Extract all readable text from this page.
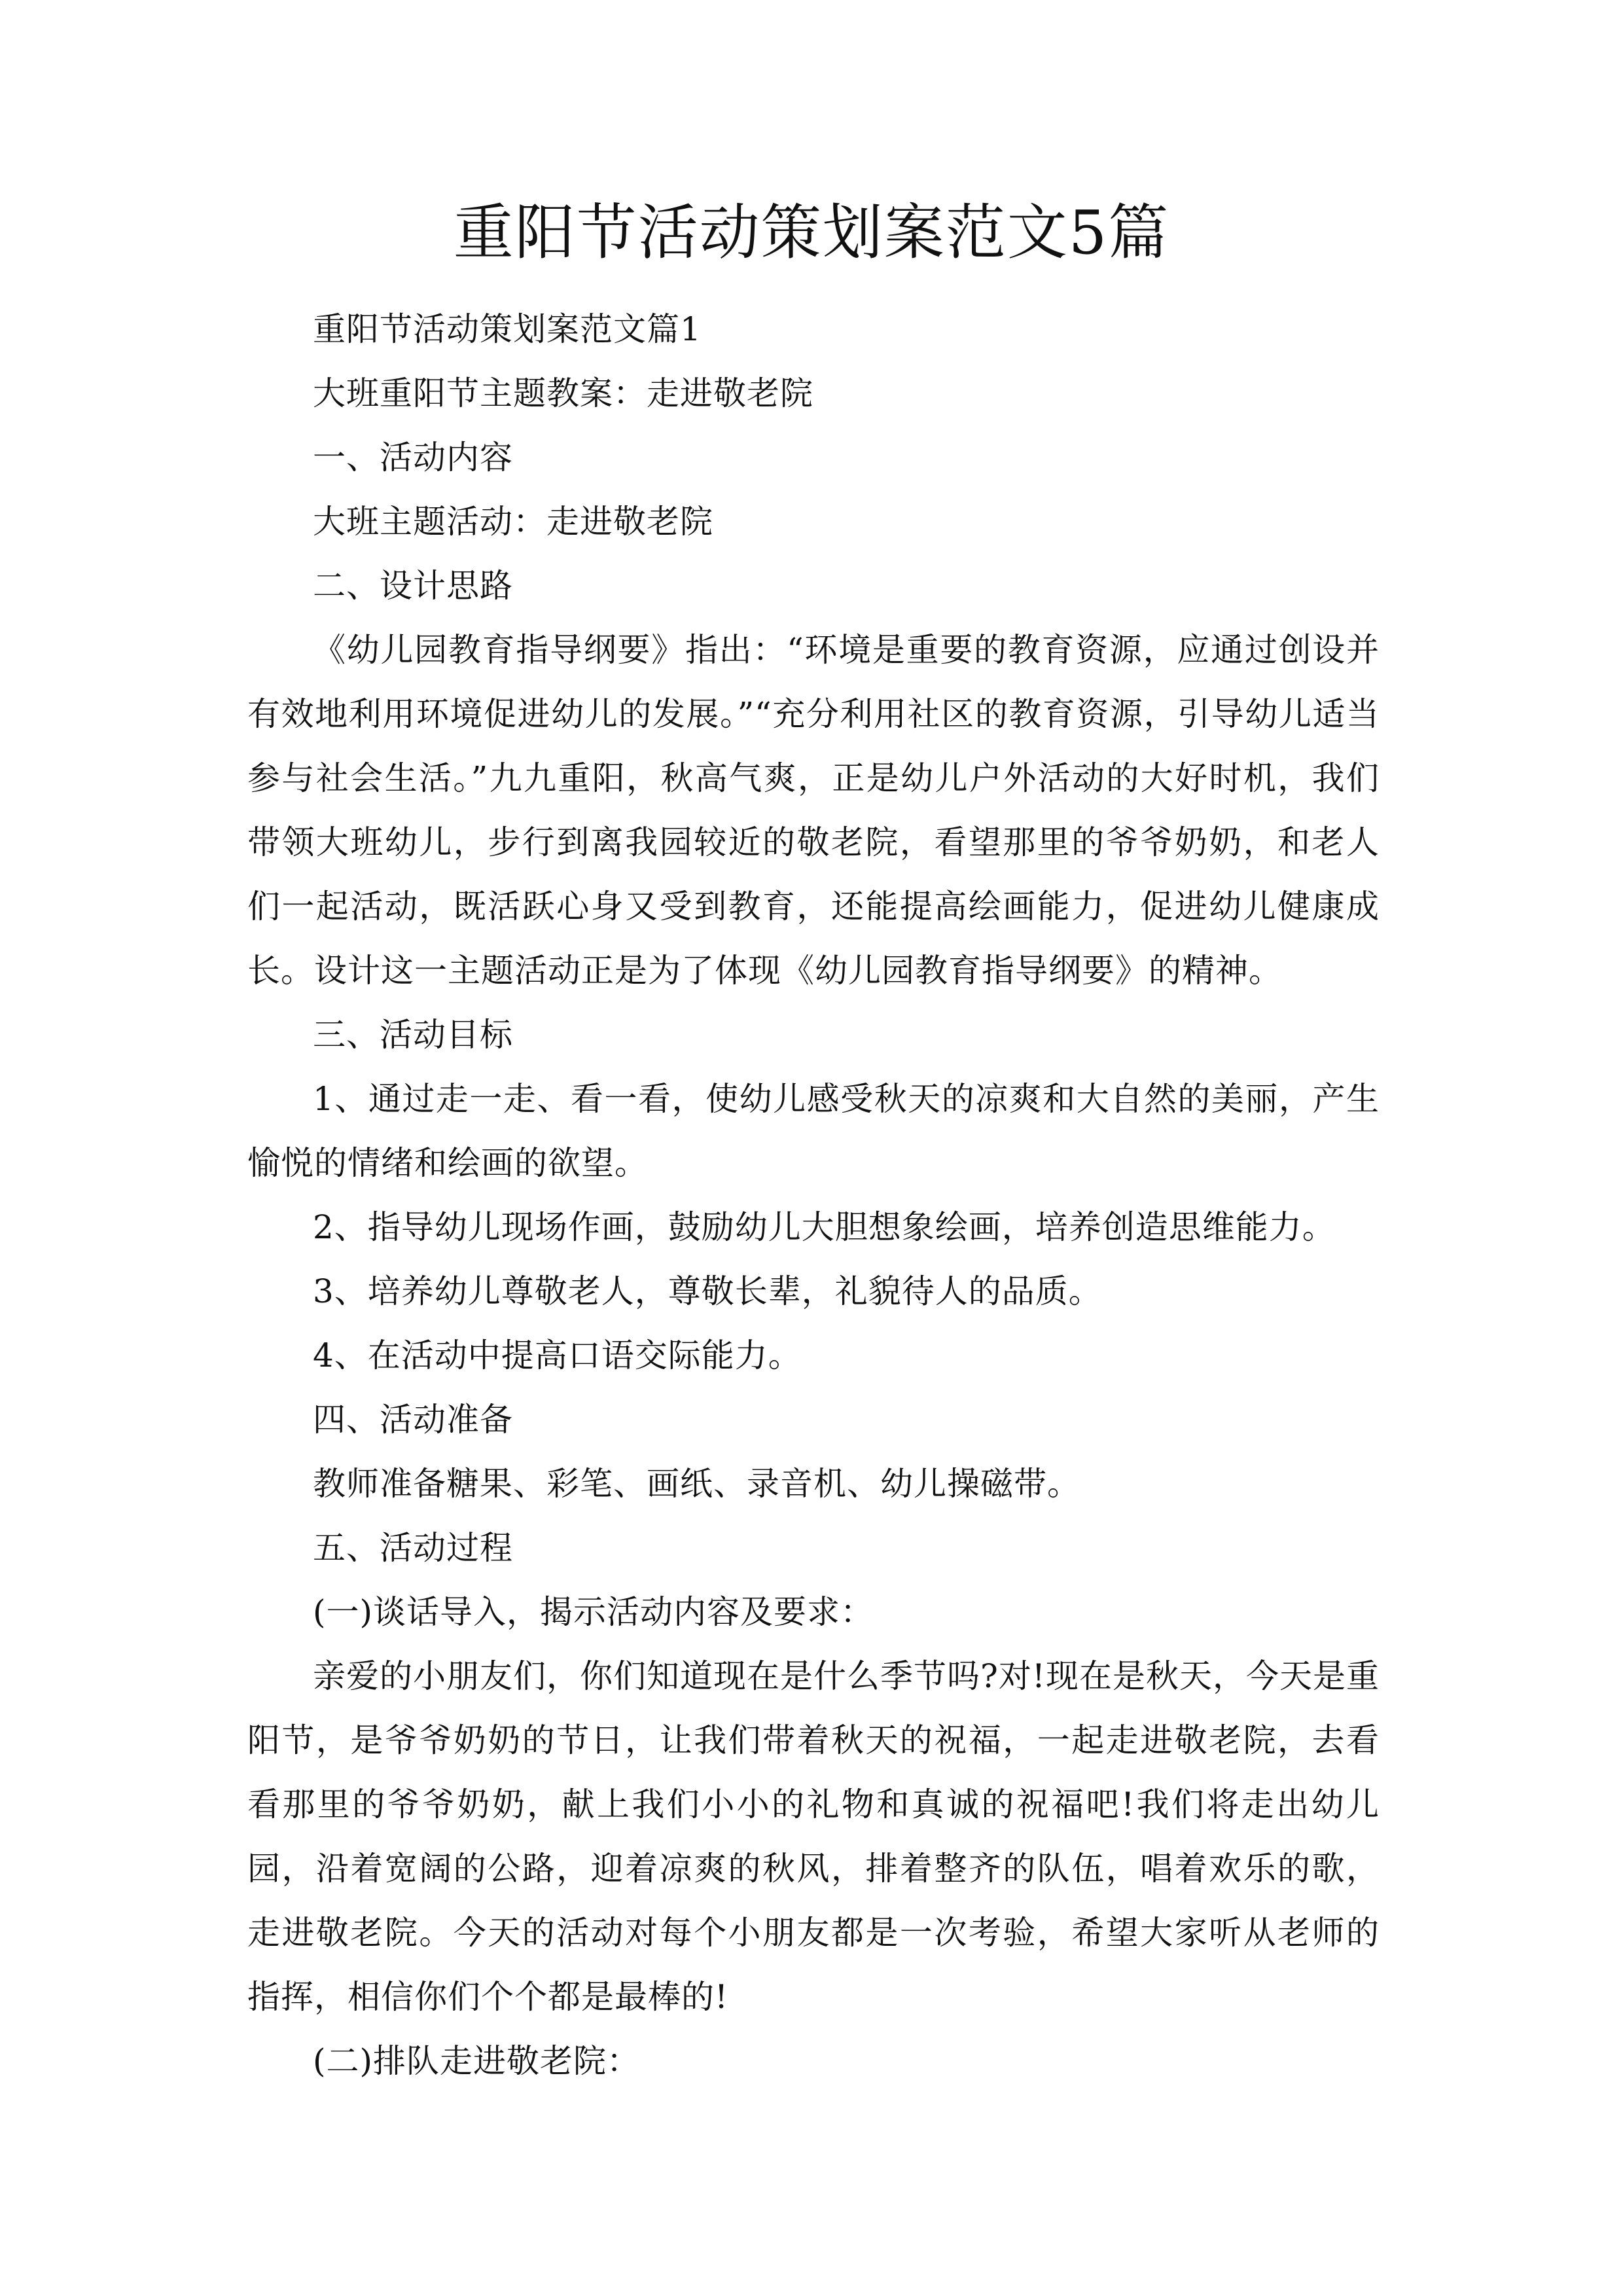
重阳节活动策划案范文5篇

重阳节活动策划案范文篇1

大班重阳节主题教案：走进敬老院

一、活动内容

大班主题活动：走进敬老院

二、设计思路

《幼儿园教育指导纲要》指出：“环境是重要的教育资源，应通过创设并有效地利用环境促进幼儿的发展。”“充分利用社区的教育资源，引导幼儿适当参与社会生活。”九九重阳，秋高气爽，正是幼儿户外活动的大好时机，我们带领大班幼儿，步行到离我园较近的敬老院，看望那里的爷爷奶奶，和老人们一起活动，既活跃心身又受到教育，还能提高绘画能力，促进幼儿健康成长。设计这一主题活动正是为了体现《幼儿园教育指导纲要》的精神。

三、活动目标

1、通过走一走、看一看，使幼儿感受秋天的凉爽和大自然的美丽，产生愉悦的情绪和绘画的欲望。

2、指导幼儿现场作画，鼓励幼儿大胆想象绘画，培养创造思维能力。

3、培养幼儿尊敬老人，尊敬长辈，礼貌待人的品质。

4、在活动中提高口语交际能力。

四、活动准备

教师准备糖果、彩笔、画纸、录音机、幼儿操磁带。

五、活动过程

(一)谈话导入，揭示活动内容及要求：

亲爱的小朋友们，你们知道现在是什么季节吗?对!现在是秋天，今天是重阳节，是爷爷奶奶的节日，让我们带着秋天的祝福，一起走进敬老院，去看看那里的爷爷奶奶，献上我们小小的礼物和真诚的祝福吧!我们将走出幼儿园，沿着宽阔的公路，迎着凉爽的秋风，排着整齐的队伍，唱着欢乐的歌，走进敬老院。今天的活动对每个小朋友都是一次考验，希望大家听从老师的指挥，相信你们个个都是最棒的!

(二)排队走进敬老院：
